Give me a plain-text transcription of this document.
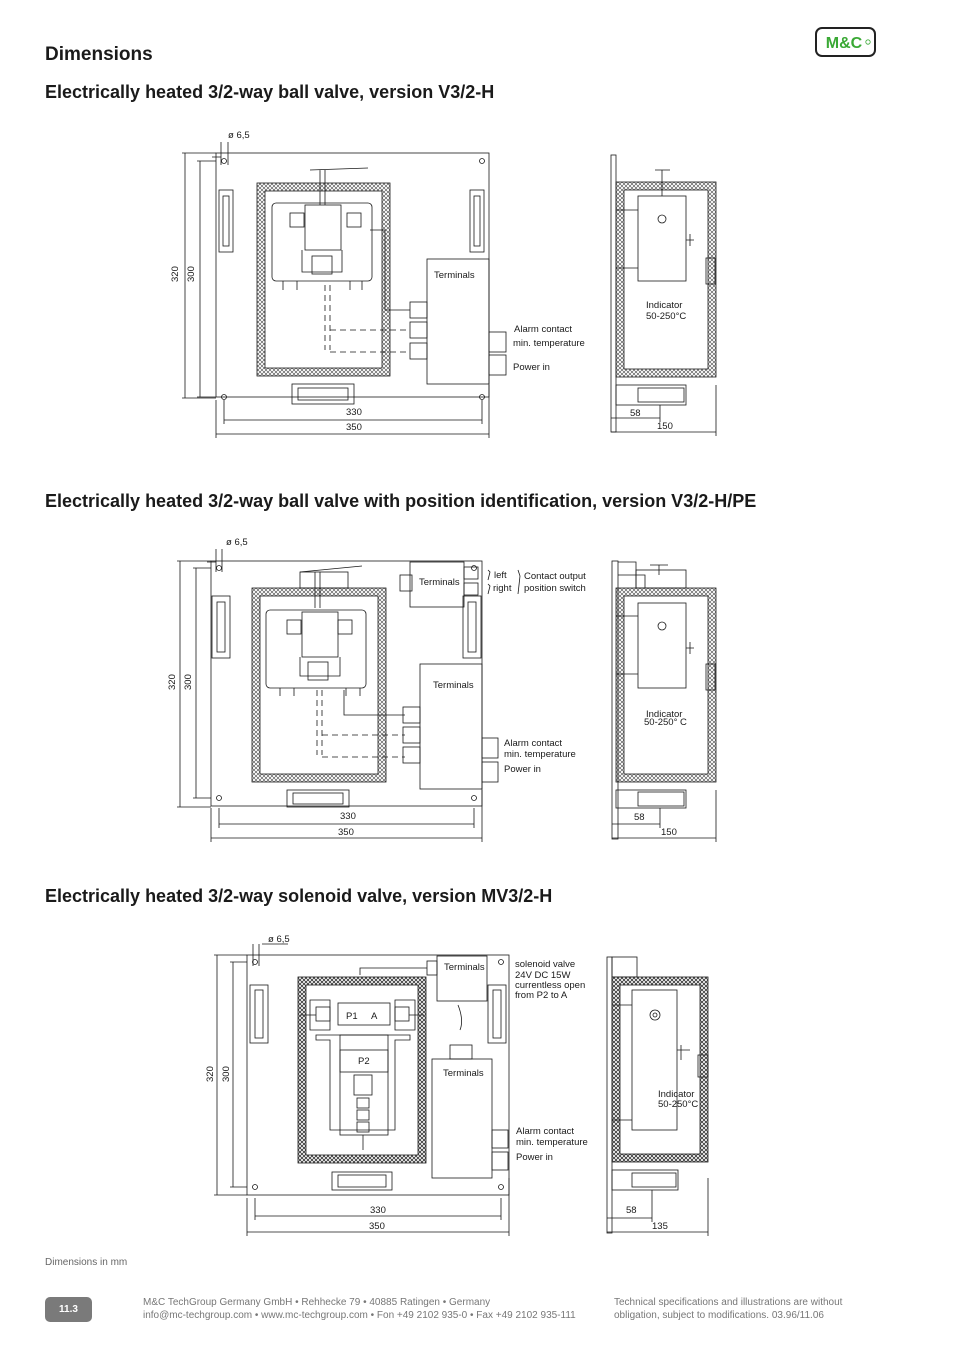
Dimensions
M&C
Electrically heated 3/2-way ball valve, version V3/2-H
ø 6,5
320 300
330
350
Terminals
Alarm contact
min. temperature
Power in
Indicator
50-250°C
58
150
Electrically heated 3/2-way ball valve with position identification, version V3/2-H/PE
ø 6,5
320 300
330
350
Terminals
left
right
Contact output
position switch
Terminals
Alarm contact
min. temperature
Power in
Indicator
50-250° C
58
150
Electrically heated 3/2-way solenoid valve, version MV3/2-H
ø 6,5
320 300
330
350
P1 A
P2
Terminals	solenoid valve
24V DC 15W
currentless open
from P2 to A
Terminals
Alarm contact
min. temperature
Power in
Indicator
50-250°C
58
135
Dimensions in mm
11.3
M&C TechGroup Germany GmbH • Rehhecke 79 • 40885 Ratingen • Germany
info@mc-techgroup.com • www.mc-techgroup.com • Fon +49 2102 935-0 • Fax +49 2102 935-111
Technical specifications and illustrations are without
obligation, subject to modifications. 03.96/11.06
